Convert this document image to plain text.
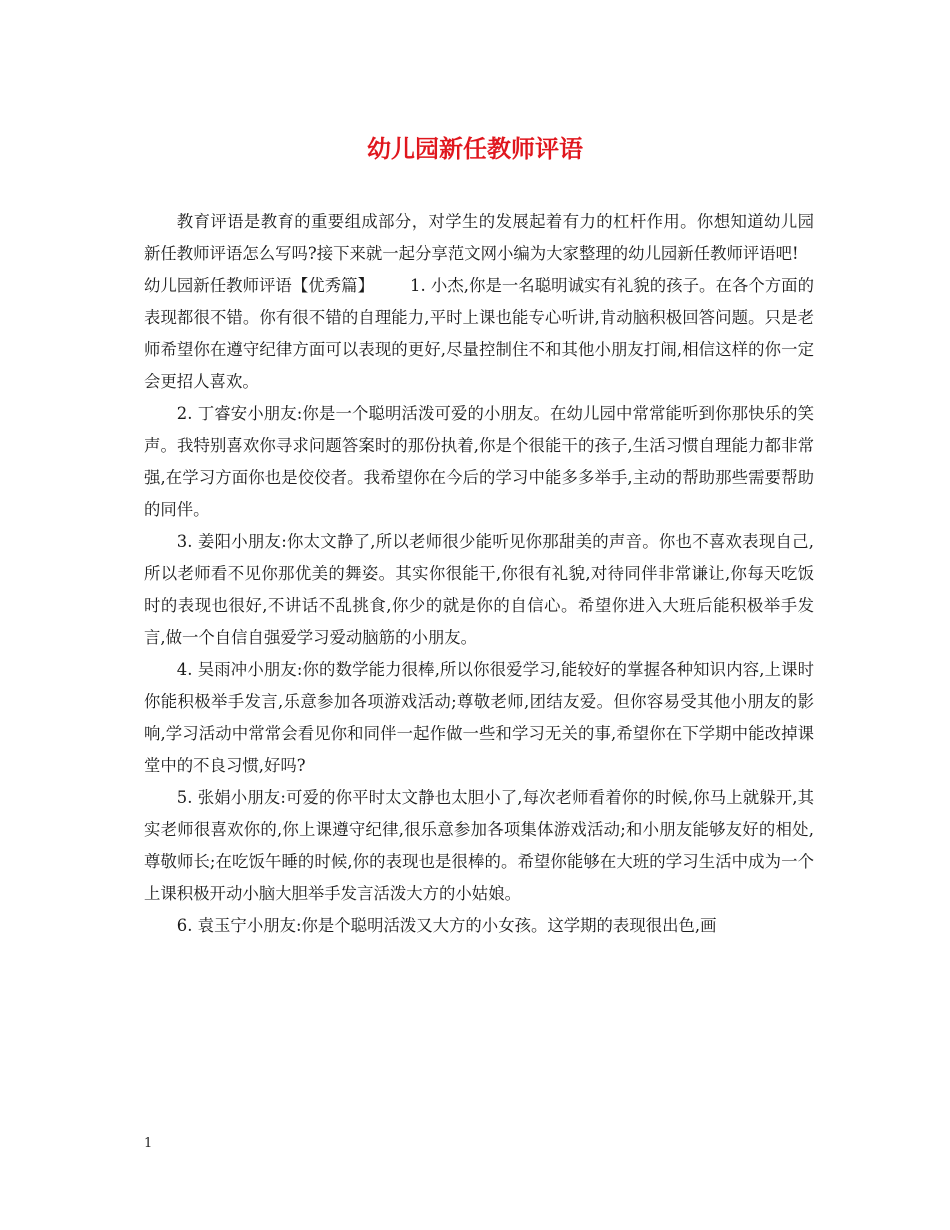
幼儿园新任教师评语

教育评语是教育的重要组成部分，对学生的发展起着有力的杠杆作用。你想知道幼儿园新任教师评语怎么写吗?接下来就一起分享范文网小编为大家整理的幼儿园新任教师评语吧!

幼儿园新任教师评语【优秀篇】 1. 小杰,你是一名聪明诚实有礼貌的孩子。在各个方面的表现都很不错。你有很不错的自理能力,平时上课也能专心听讲,肯动脑积极回答问题。只是老师希望你在遵守纪律方面可以表现的更好,尽量控制住不和其他小朋友打闹,相信这样的你一定会更招人喜欢。

2. 丁睿安小朋友:你是一个聪明活泼可爱的小朋友。在幼儿园中常常能听到你那快乐的笑声。我特别喜欢你寻求问题答案时的那份执着,你是个很能干的孩子,生活习惯自理能力都非常强,在学习方面你也是佼佼者。我希望你在今后的学习中能多多举手,主动的帮助那些需要帮助的同伴。

3. 姜阳小朋友:你太文静了,所以老师很少能听见你那甜美的声音。你也不喜欢表现自己,所以老师看不见你那优美的舞姿。其实你很能干,你很有礼貌,对待同伴非常谦让,你每天吃饭时的表现也很好,不讲话不乱挑食,你少的就是你的自信心。希望你进入大班后能积极举手发言,做一个自信自强爱学习爱动脑筋的小朋友。

4. 吴雨冲小朋友:你的数学能力很棒,所以你很爱学习,能较好的掌握各种知识内容,上课时你能积极举手发言,乐意参加各项游戏活动;尊敬老师,团结友爱。但你容易受其他小朋友的影响,学习活动中常常会看见你和同伴一起作做一些和学习无关的事,希望你在下学期中能改掉课堂中的不良习惯,好吗?

5. 张娟小朋友:可爱的你平时太文静也太胆小了,每次老师看着你的时候,你马上就躲开,其实老师很喜欢你的,你上课遵守纪律,很乐意参加各项集体游戏活动;和小朋友能够友好的相处,尊敬师长;在吃饭午睡的时候,你的表现也是很棒的。希望你能够在大班的学习生活中成为一个上课积极开动小脑大胆举手发言活泼大方的小姑娘。

6. 袁玉宁小朋友:你是个聪明活泼又大方的小女孩。这学期的表现很出色,画

1
